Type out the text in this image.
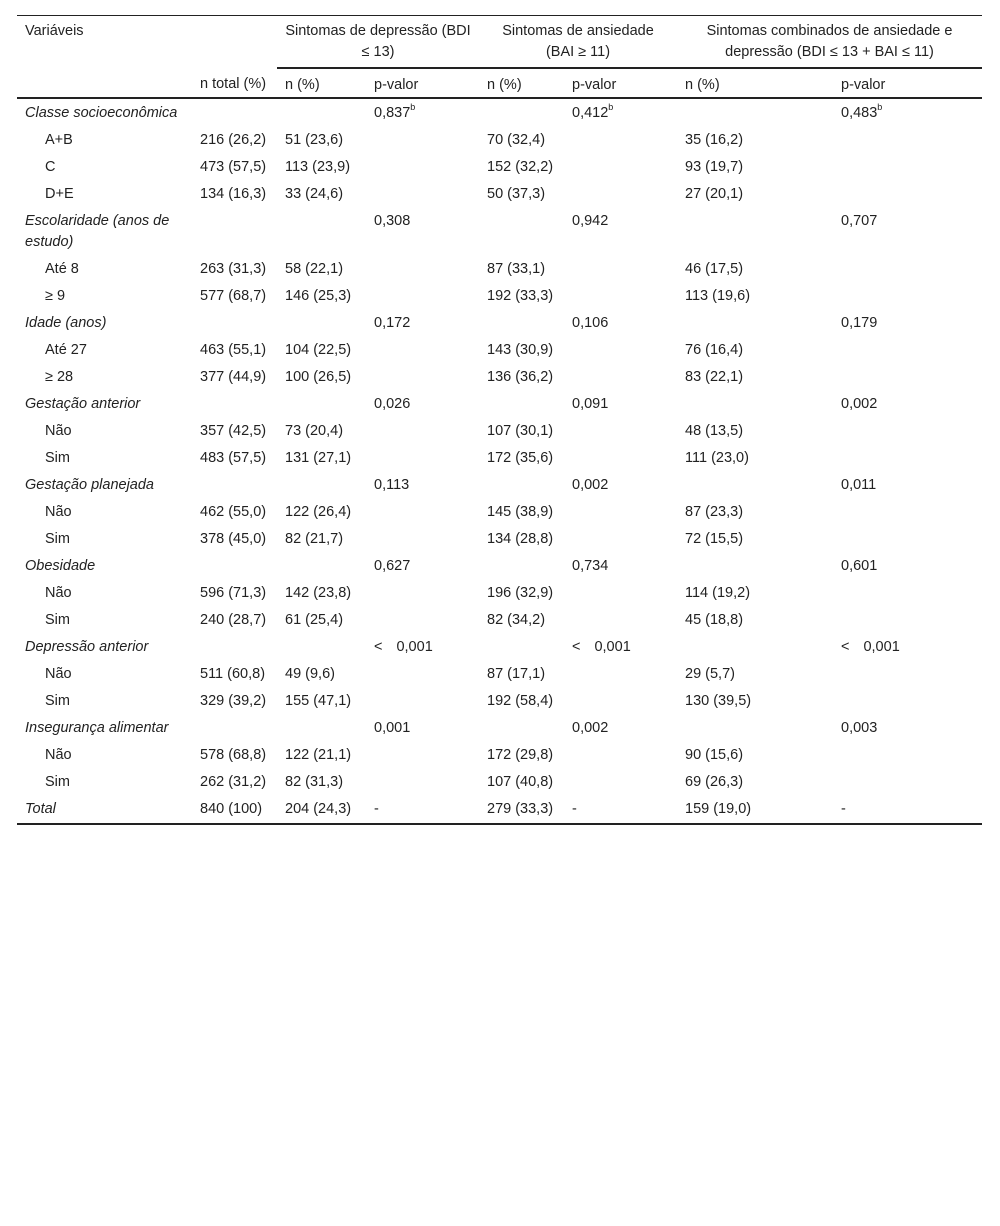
Variáveis		Sintomas de depressão (BDI ≤ 13)		Sintomas de ansiedade (BAI ≥ 11)		Sintomas combinados de ansiedade e depressão (BDI ≤ 13 + BAI ≤ 11)	
	n total (%)	n (%)	p-valor	n (%)	p-valor	n (%)	p-valor
Classe socioeconômica			0,837$^b$		0,412$^b$		0,483$^b$
A+B	216 (26,2)	51 (23,6)		70 (32,4)		35 (16,2)	
C	473 (57,5)	113 (23,9)		152 (32,2)		93 (19,7)	
D+E	134 (16,3)	33 (24,6)		50 (37,3)		27 (20,1)	
Escolaridade (anos de estudo)			0,308		0,942		0,707
Até 8	263 (31,3)	58 (22,1)		87 (33,1)		46 (17,5)	
≥ 9	577 (68,7)	146 (25,3)		192 (33,3)		113 (19,6)	
Idade (anos)			0,172		0,106		0,179
Até 27	463 (55,1)	104 (22,5)		143 (30,9)		76 (16,4)	
≥ 28	377 (44,9)	100 (26,5)		136 (36,2)		83 (22,1)	
Gestação anterior			0,026		0,091		0,002
Não	357 (42,5)	73 (20,4)		107 (30,1)		48 (13,5)	
Sim	483 (57,5)	131 (27,1)		172 (35,6)		111 (23,0)	
Gestação planejada			0,113		0,002		0,011
Não	462 (55,0)	122 (26,4)		145 (38,9)		87 (23,3)	
Sim	378 (45,0)	82 (21,7)		134 (28,8)		72 (15,5)	
Obesidade			0,627		0,734		0,601
Não	596 (71,3)	142 (23,8)		196 (32,9)		114 (19,2)	
Sim	240 (28,7)	61 (25,4)		82 (34,2)		45 (18,8)	
Depressão anterior			< 0,001		< 0,001		< 0,001
Não	511 (60,8)	49 (9,6)		87 (17,1)		29 (5,7)	
Sim	329 (39,2)	155 (47,1)		192 (58,4)		130 (39,5)	
Insegurança alimentar			0,001		0,002		0,003
Não	578 (68,8)	122 (21,1)		172 (29,8)		90 (15,6)	
Sim	262 (31,2)	82 (31,3)		107 (40,8)		69 (26,3)	
Total	840 (100)	204 (24,3)	-	279 (33,3)	-	159 (19,0)	-
